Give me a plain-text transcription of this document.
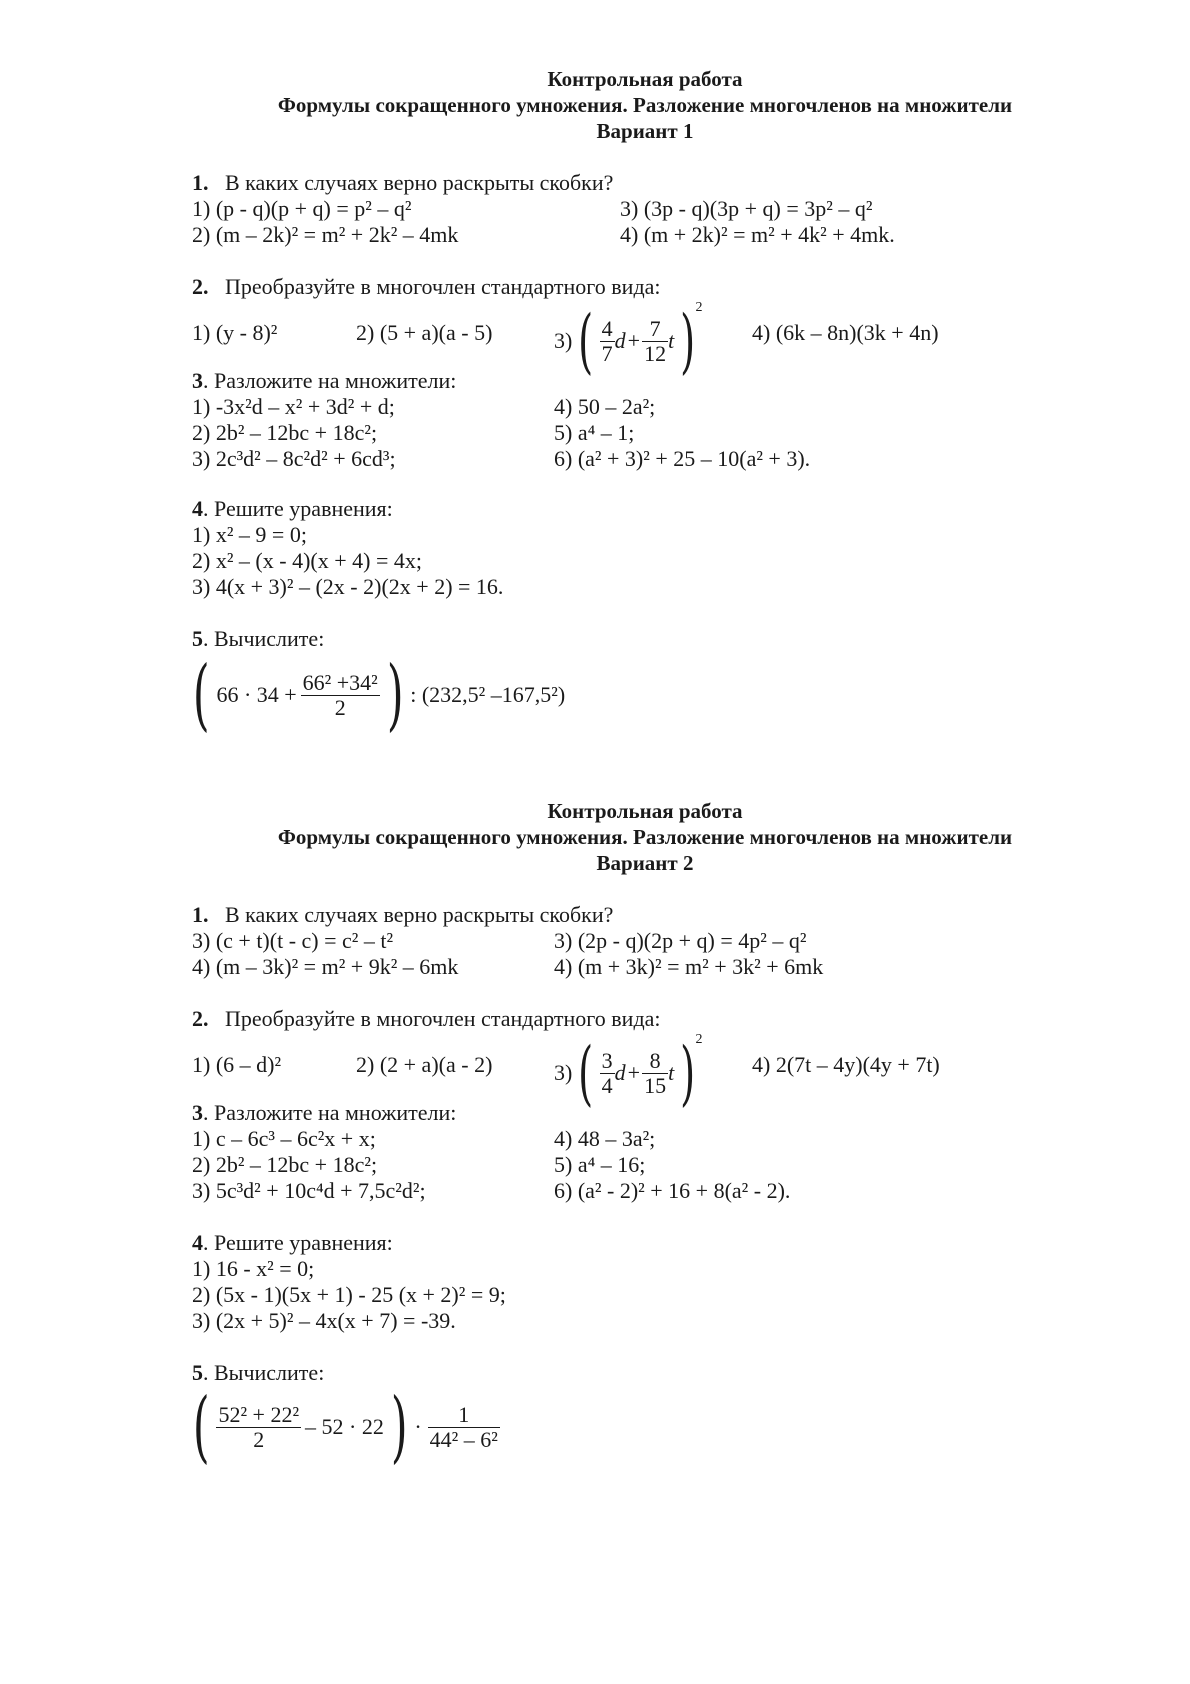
Контрольная работа
Формулы сокращенного умножения. Разложение многочленов на множители
Вариант 1
1. В каких случаях верно раскрыты скобки?
1) (p - q)(p + q) = p² – q²	3) (3p - q)(3p + q) = 3p² – q²
2) (m – 2k)² = m² + 2k² – 4mk	4) (m + 2k)² = m² + 4k² + 4mk.
2. Преобразуйте в многочлен стандартного вида:
1) (y - 8)²	2) (5 + a)(a - 5)	3) ( $\frac{4}{7}$ $d + \frac{7}{12}$ t ) 2
4) (6k – 8n)(3k + 4n)
3. Разложите на множители:
1) -3x²d – x² + 3d² + d;
2) 2b² – 12bc + 18c²;
3) 2c³d² – 8c²d² + 6cd³;
4) 50 – 2a²;
5) a⁴ – 1;
6) (a² + 3)² + 25 – 10(a² + 3).
4. Решите уравнения:
1) x² – 9 = 0;
2) x² – (x - 4)(x + 4) = 4x;
3) 4(x + 3)² – (2x - 2)(2x + 2) = 16.
5. Вычислите:
( $66 \cdot 34 + \frac{\text{66² +34²}}{2}$ ) : (232,5² –167,5²)
Контрольная работа
Формулы сокращенного умножения. Разложение многочленов на множители
Вариант 2
1. В каких случаях верно раскрыты скобки?
3) (c + t)(t - c) = c² – t²	3) (2p - q)(2p + q) = 4p² – q²
4) (m – 3k)² = m² + 9k² – 6mk	4) (m + 3k)² = m² + 3k² + 6mk
2. Преобразуйте в многочлен стандартного вида:
1) (6 – d)²	2) (2 + a)(a - 2)	3) ( $\frac{3}{4}$ $d + \frac{8}{15}$ t ) 2
4) 2(7t – 4y)(4y + 7t)
3. Разложите на множители:
1) c – 6c³ – 6c²x + x;
2) 2b² – 12bc + 18c²;
3) 5c³d² + 10c⁴d + 7,5c²d²;
4) 48 – 3a²;
5) a⁴ – 16;
6) (a² - 2)² + 16 + 8(a² - 2).
4. Решите уравнения:
1) 16 - x² = 0;
2) (5x - 1)(5x + 1) - 25 (x + 2)² = 9;
3) (2x + 5)² – 4x(x + 7) = -39.
5. Вычислите:
( $\frac{\text{52² + 22²}}{2} - 52 \cdot 22$ ) · $\frac{1}{\text{44² – 6²}}$
